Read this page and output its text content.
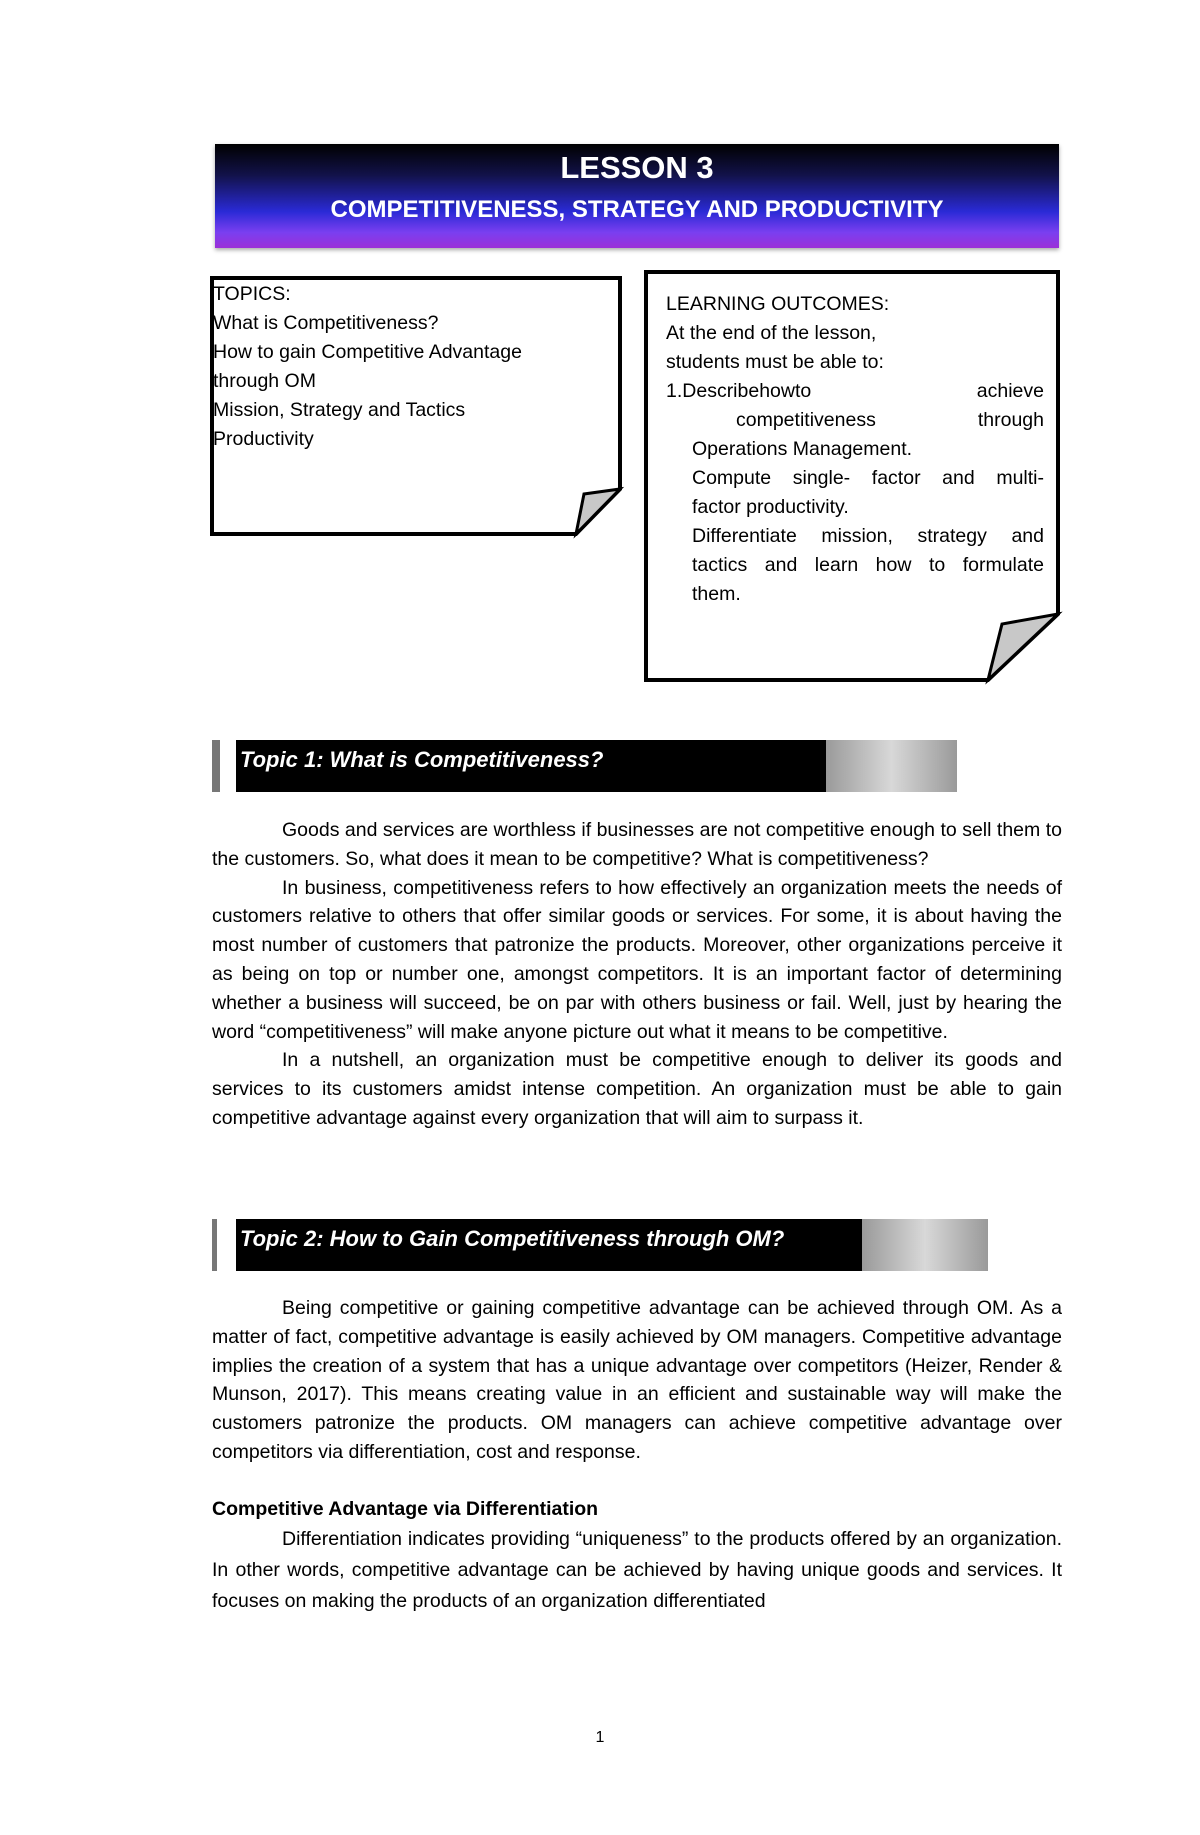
LESSON 3
COMPETITIVENESS, STRATEGY AND PRODUCTIVITY
TOPICS:
What is Competitiveness?
How to gain Competitive Advantage
through OM
Mission, Strategy and Tactics
Productivity
LEARNING OUTCOMES:
At the end of the lesson,
students must be able to:
1.Describehowto	achieve
competitiveness	through
Operations Management.
Compute single- factor and multi-
factor productivity.
Differentiate mission, strategy and
tactics and learn how to formulate
them.
Topic 1: What is Competitiveness?

Goods and services are worthless if businesses are not competitive enough to sell them to the customers. So, what does it mean to be competitive? What is competitiveness?

In business, competitiveness refers to how effectively an organization meets the needs of customers relative to others that offer similar goods or services. For some, it is about having the most number of customers that patronize the products. Moreover, other organizations perceive it as being on top or number one, amongst competitors. It is an important factor of determining whether a business will succeed, be on par with others business or fail. Well, just by hearing the word “competitiveness” will make anyone picture out what it means to be competitive.

In a nutshell, an organization must be competitive enough to deliver its goods and services to its customers amidst intense competition. An organization must be able to gain competitive advantage against every organization that will aim to surpass it.

Topic 2: How to Gain Competitiveness through OM?

Being competitive or gaining competitive advantage can be achieved through OM. As a matter of fact, competitive advantage is easily achieved by OM managers. Competitive advantage implies the creation of a system that has a unique advantage over competitors (Heizer, Render & Munson, 2017). This means creating value in an efficient and sustainable way will make the customers patronize the products. OM managers can achieve competitive advantage over competitors via differentiation, cost and response.

Competitive Advantage via Differentiation

Differentiation indicates providing “uniqueness” to the products offered by an organization. In other words, competitive advantage can be achieved by having unique goods and services. It focuses on making the products of an organization differentiated

1
